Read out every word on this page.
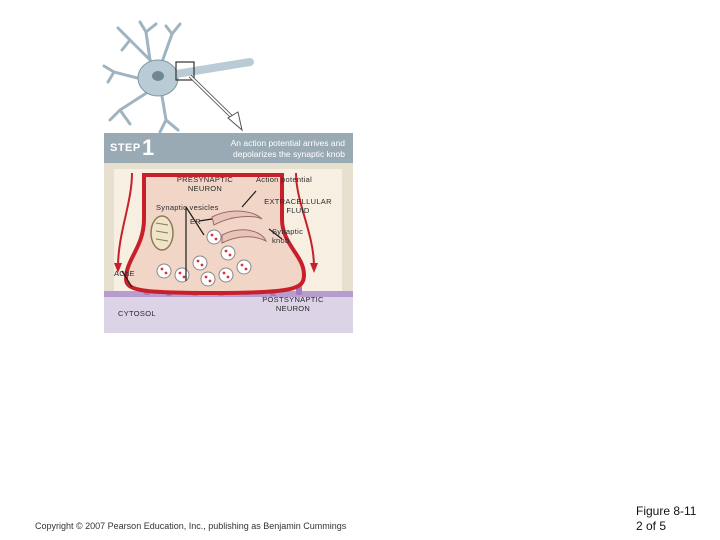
STEP 1	An action potential arrives and depolarizes the synaptic knob
PRESYNAPTIC NEURON
Action potential
Synaptic vesicles
ER
EXTRACELLULAR FLUID
Synaptic knob
AChE
POSTSYNAPTIC NEURON
CYTOSOL
Copyright © 2007 Pearson Education, Inc., publishing as Benjamin Cummings
Figure 8-11
2 of 5
